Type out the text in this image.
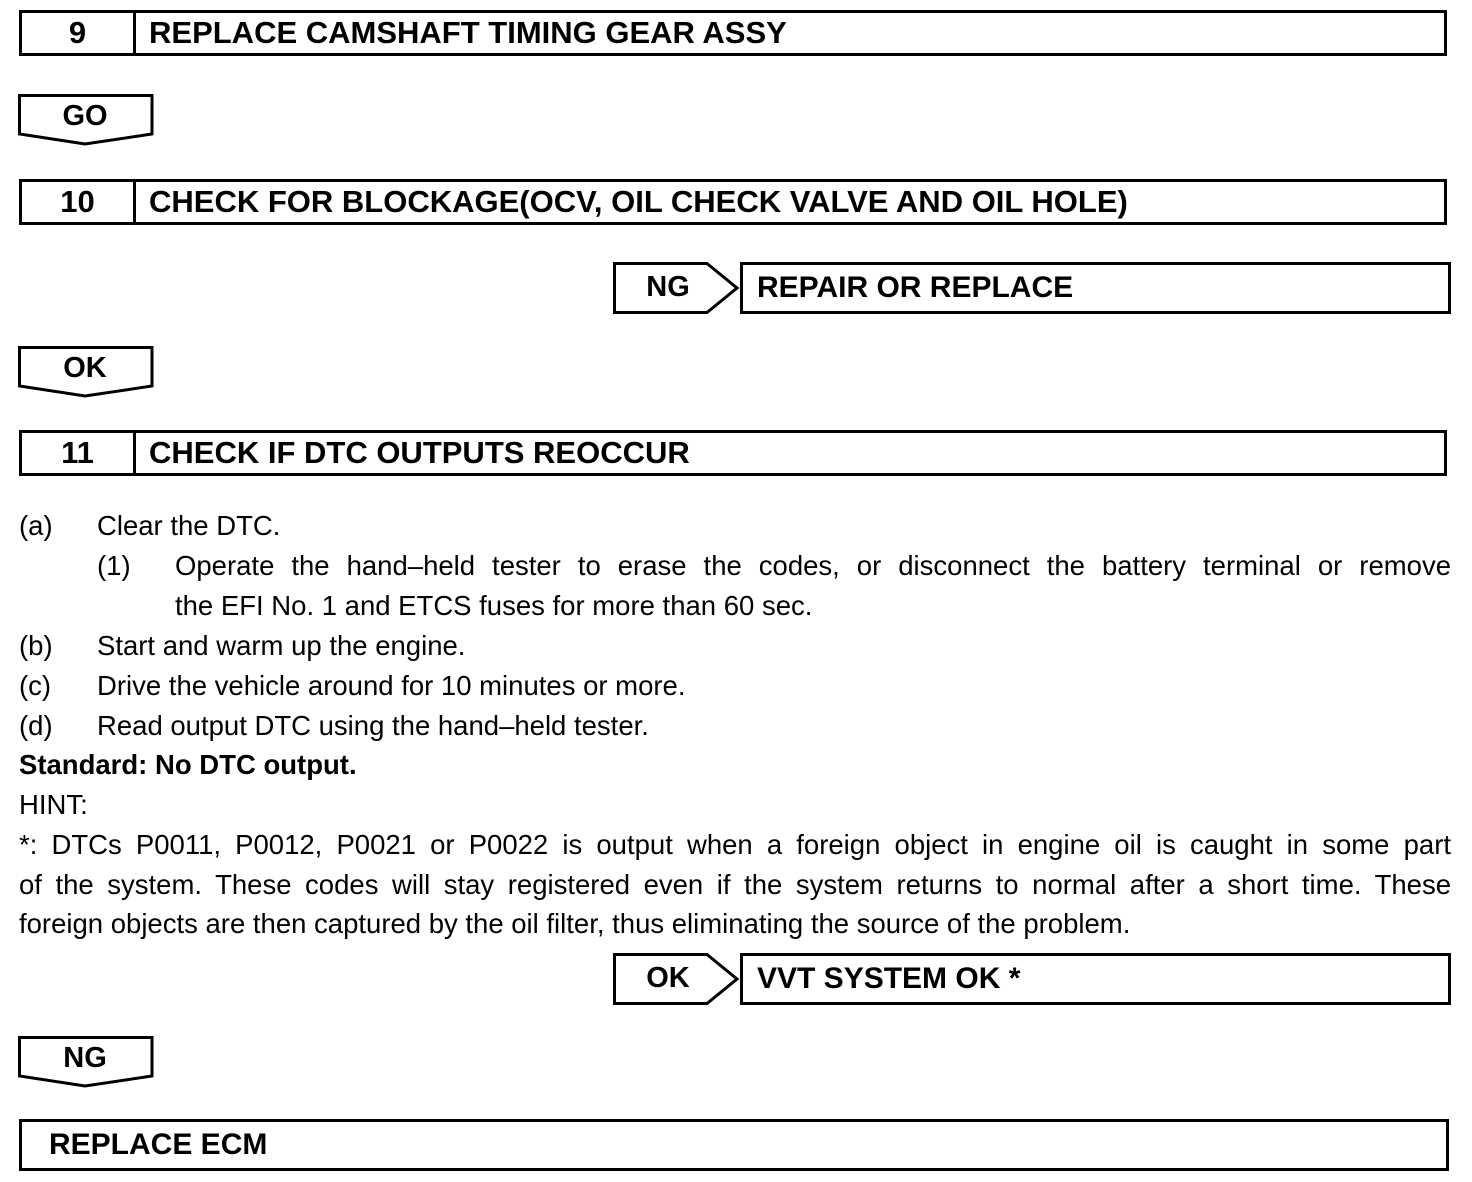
9	REPLACE CAMSHAFT TIMING GEAR ASSY
GO
10	CHECK FOR BLOCKAGE(OCV, OIL CHECK VALVE AND OIL HOLE)
NG	REPAIR OR REPLACE
OK
11	CHECK IF DTC OUTPUTS REOCCUR
(a) Clear the DTC.
(1) Operate the hand–held tester to erase the codes, or disconnect the battery terminal or remove
the EFI No. 1 and ETCS fuses for more than 60 sec.
(b) Start and warm up the engine.
(c) Drive the vehicle around for 10 minutes or more.
(d) Read output DTC using the hand–held tester.
Standard: No DTC output.
HINT:
*: DTCs P0011, P0012, P0021 or P0022 is output when a foreign object in engine oil is caught in some part
of the system. These codes will stay registered even if the system returns to normal after a short time. These
foreign objects are then captured by the oil filter, thus eliminating the source of the problem.
OK	VVT SYSTEM OK *
NG
REPLACE ECM
